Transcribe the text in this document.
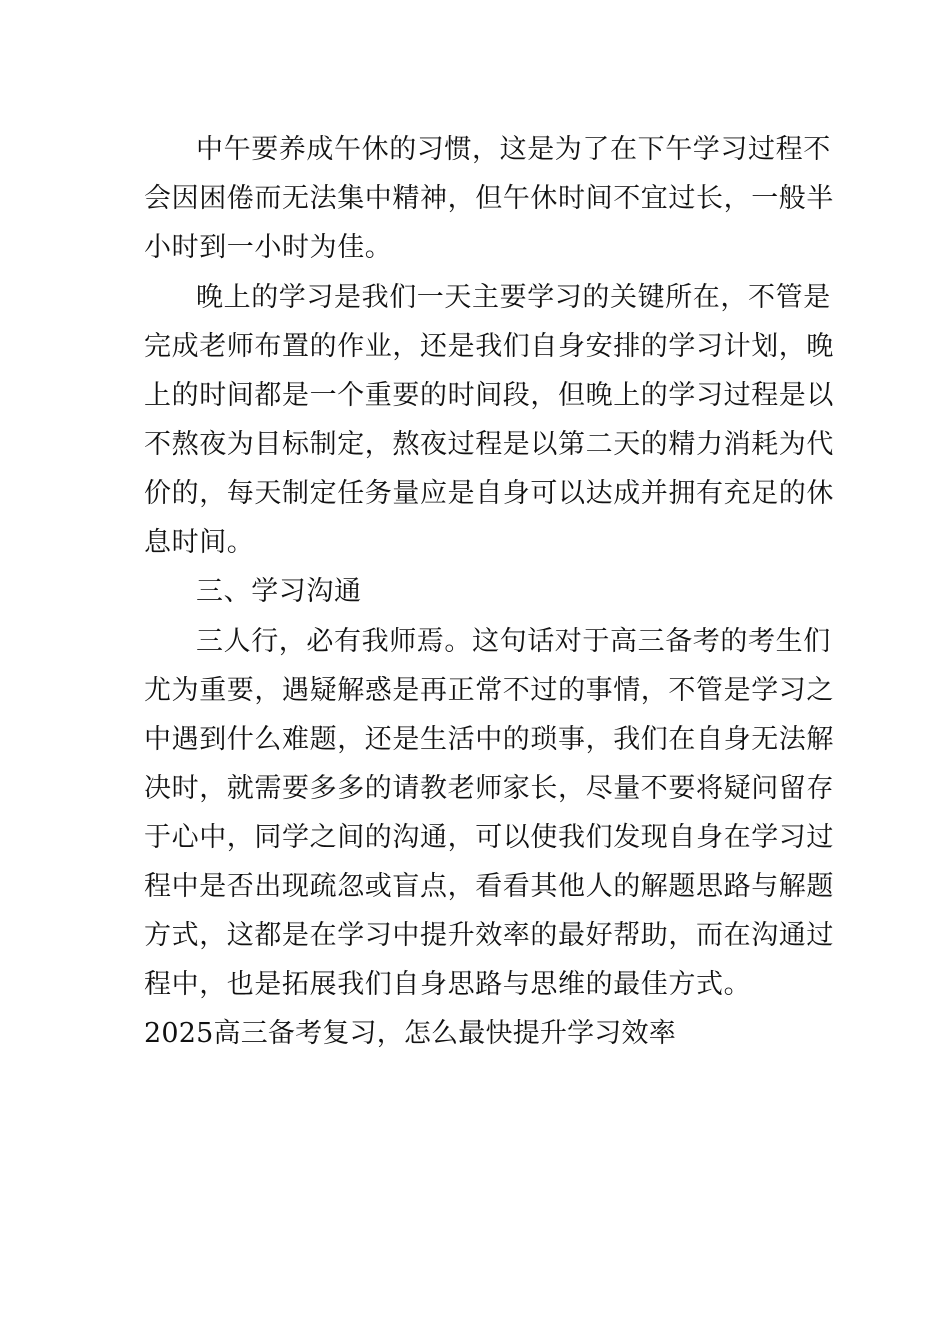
中午要养成午休的习惯，这是为了在下午学习过程不
会因困倦而无法集中精神，但午休时间不宜过长，一般半
小时到一小时为佳。
晚上的学习是我们一天主要学习的关键所在，不管是
完成老师布置的作业，还是我们自身安排的学习计划，晚
上的时间都是一个重要的时间段，但晚上的学习过程是以
不熬夜为目标制定，熬夜过程是以第二天的精力消耗为代
价的，每天制定任务量应是自身可以达成并拥有充足的休
息时间。
三、学习沟通
三人行，必有我师焉。这句话对于高三备考的考生们
尤为重要，遇疑解惑是再正常不过的事情，不管是学习之
中遇到什么难题，还是生活中的琐事，我们在自身无法解
决时，就需要多多的请教老师家长，尽量不要将疑问留存
于心中，同学之间的沟通，可以使我们发现自身在学习过
程中是否出现疏忽或盲点，看看其他人的解题思路与解题
方式，这都是在学习中提升效率的最好帮助，而在沟通过
程中，也是拓展我们自身思路与思维的最佳方式。
2025高三备考复习，怎么最快提升学习效率
